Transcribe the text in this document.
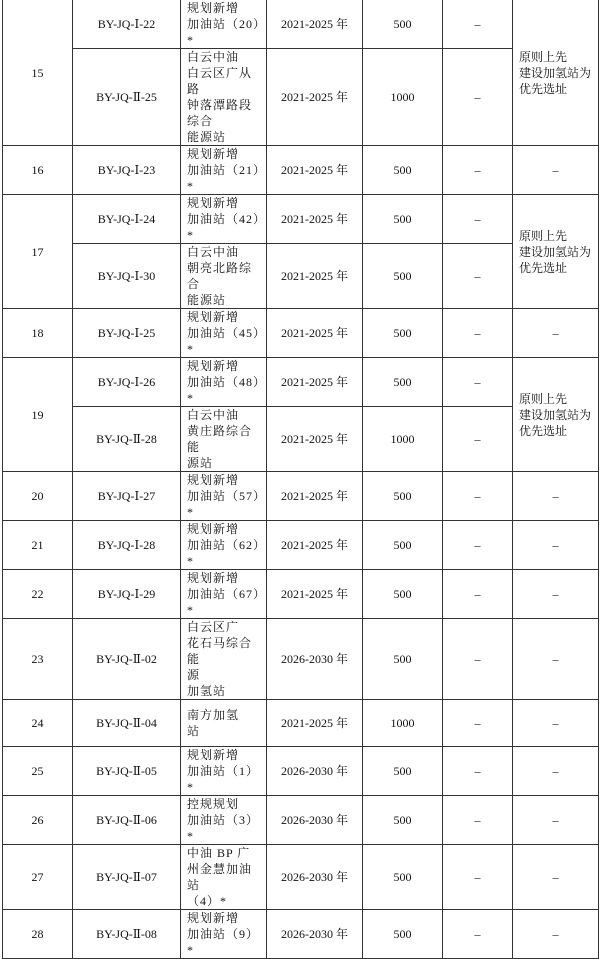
15	BY-JQ-Ⅰ-22	规划新增
加油站（20）*	2021-2025 年	500	–	原则上先
建设加氢站为
优先选址
	BY-JQ-Ⅱ-25	白云中油
白云区广从路
钟落潭路段综合
能源站	2021-2025 年	1000	–	
16	BY-JQ-Ⅰ-23	规划新增
加油站（21）*	2021-2025 年	500	–	–
17	BY-JQ-Ⅰ-24	规划新增
加油站（42）*	2021-2025 年	500	–	原则上先
建设加氢站为
优先选址
	BY-JQ-Ⅰ-30	白云中油
朝亮北路综合
能源站	2021-2025 年	500	–	
18	BY-JQ-Ⅰ-25	规划新增
加油站（45）*	2021-2025 年	500	–	–
19	BY-JQ-Ⅰ-26	规划新增
加油站（48）*	2021-2025 年	500	–	原则上先
建设加氢站为
优先选址
	BY-JQ-Ⅱ-28	白云中油
黄庄路综合能
源站	2021-2025 年	1000	–	
20	BY-JQ-Ⅰ-27	规划新增
加油站（57）*	2021-2025 年	500	–	–
21	BY-JQ-Ⅰ-28	规划新增
加油站（62）*	2021-2025 年	500	–	–
22	BY-JQ-Ⅰ-29	规划新增
加油站（67）*	2021-2025 年	500	–	–
23	BY-JQ-Ⅱ-02	白云区广
花石马综合能
源
加氢站	2026-2030 年	500	–	–
24	BY-JQ-Ⅱ-04	南方加氢
站	2021-2025 年	1000	–	–
25	BY-JQ-Ⅱ-05	规划新增
加油站（1）*	2026-2030 年	500	–	–
26	BY-JQ-Ⅱ-06	控规规划
加油站（3）*	2026-2030 年	500	–	–
27	BY-JQ-Ⅱ-07	中油 BP 广
州金慧加油站
（4）*	2026-2030 年	500	–	–
28	BY-JQ-Ⅱ-08	规划新增
加油站（9）*	2026-2030 年	500	–	–
